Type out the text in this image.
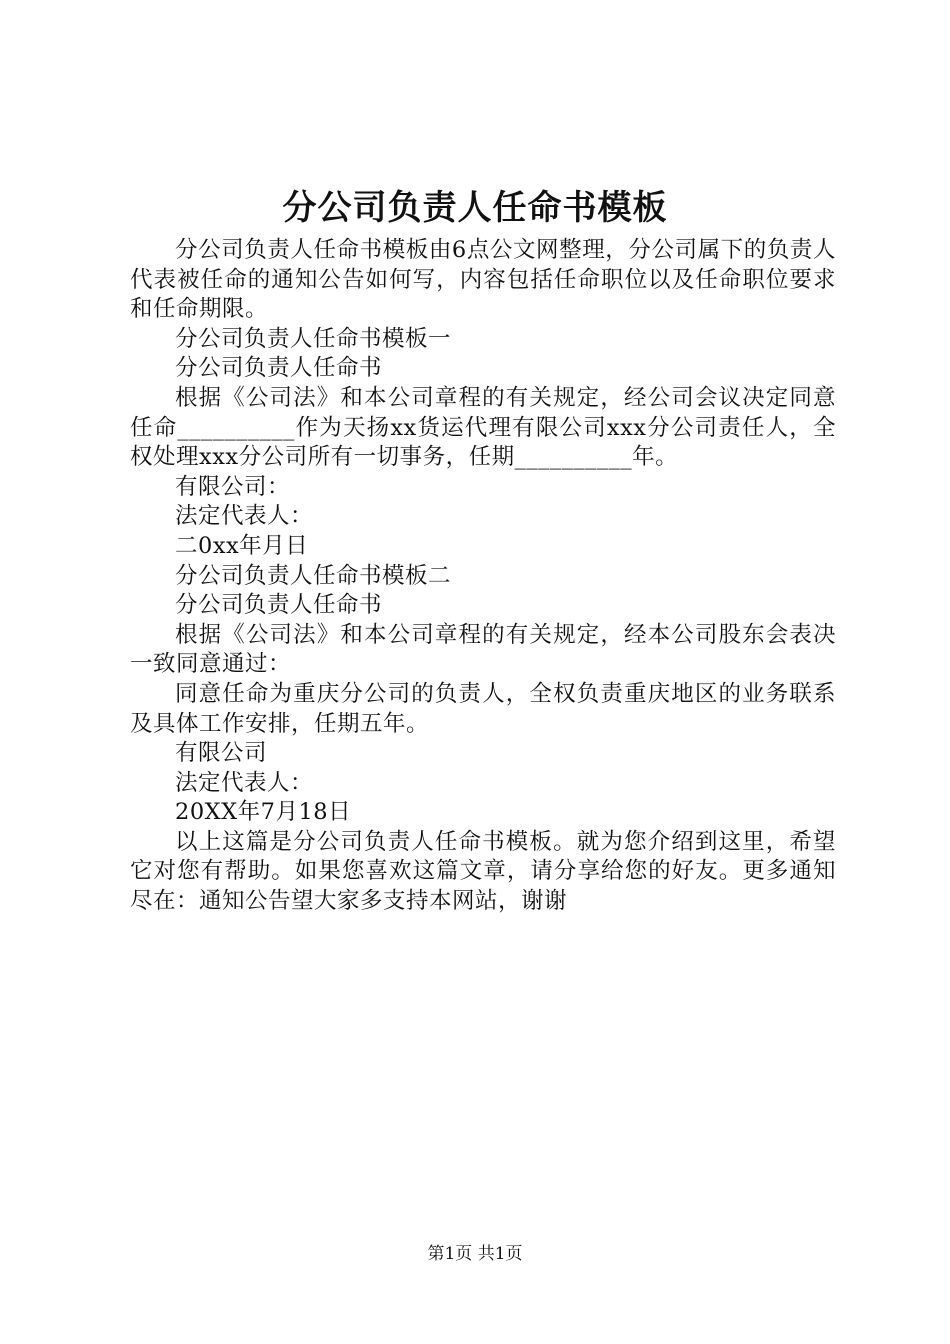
分公司负责人任命书模板

分公司负责人任命书模板由6点公文网整理，分公司属下的负责人代表被任命的通知公告如何写，内容包括任命职位以及任命职位要求和任命期限。

分公司负责人任命书模板一

分公司负责人任命书

根据《公司法》和本公司章程的有关规定，经公司会议决定同意任命__________作为天扬xx货运代理有限公司xxx分公司责任人，全权处理xxx分公司所有一切事务，任期__________年。

有限公司：

法定代表人：

二0xx年月日

分公司负责人任命书模板二

分公司负责人任命书

根据《公司法》和本公司章程的有关规定，经本公司股东会表决一致同意通过：

同意任命为重庆分公司的负责人，全权负责重庆地区的业务联系及具体工作安排，任期五年。

有限公司

法定代表人：

20XX年7月18日

以上这篇是分公司负责人任命书模板。就为您介绍到这里，希望它对您有帮助。如果您喜欢这篇文章，请分享给您的好友。更多通知尽在：通知公告望大家多支持本网站，谢谢

第1页 共1页
